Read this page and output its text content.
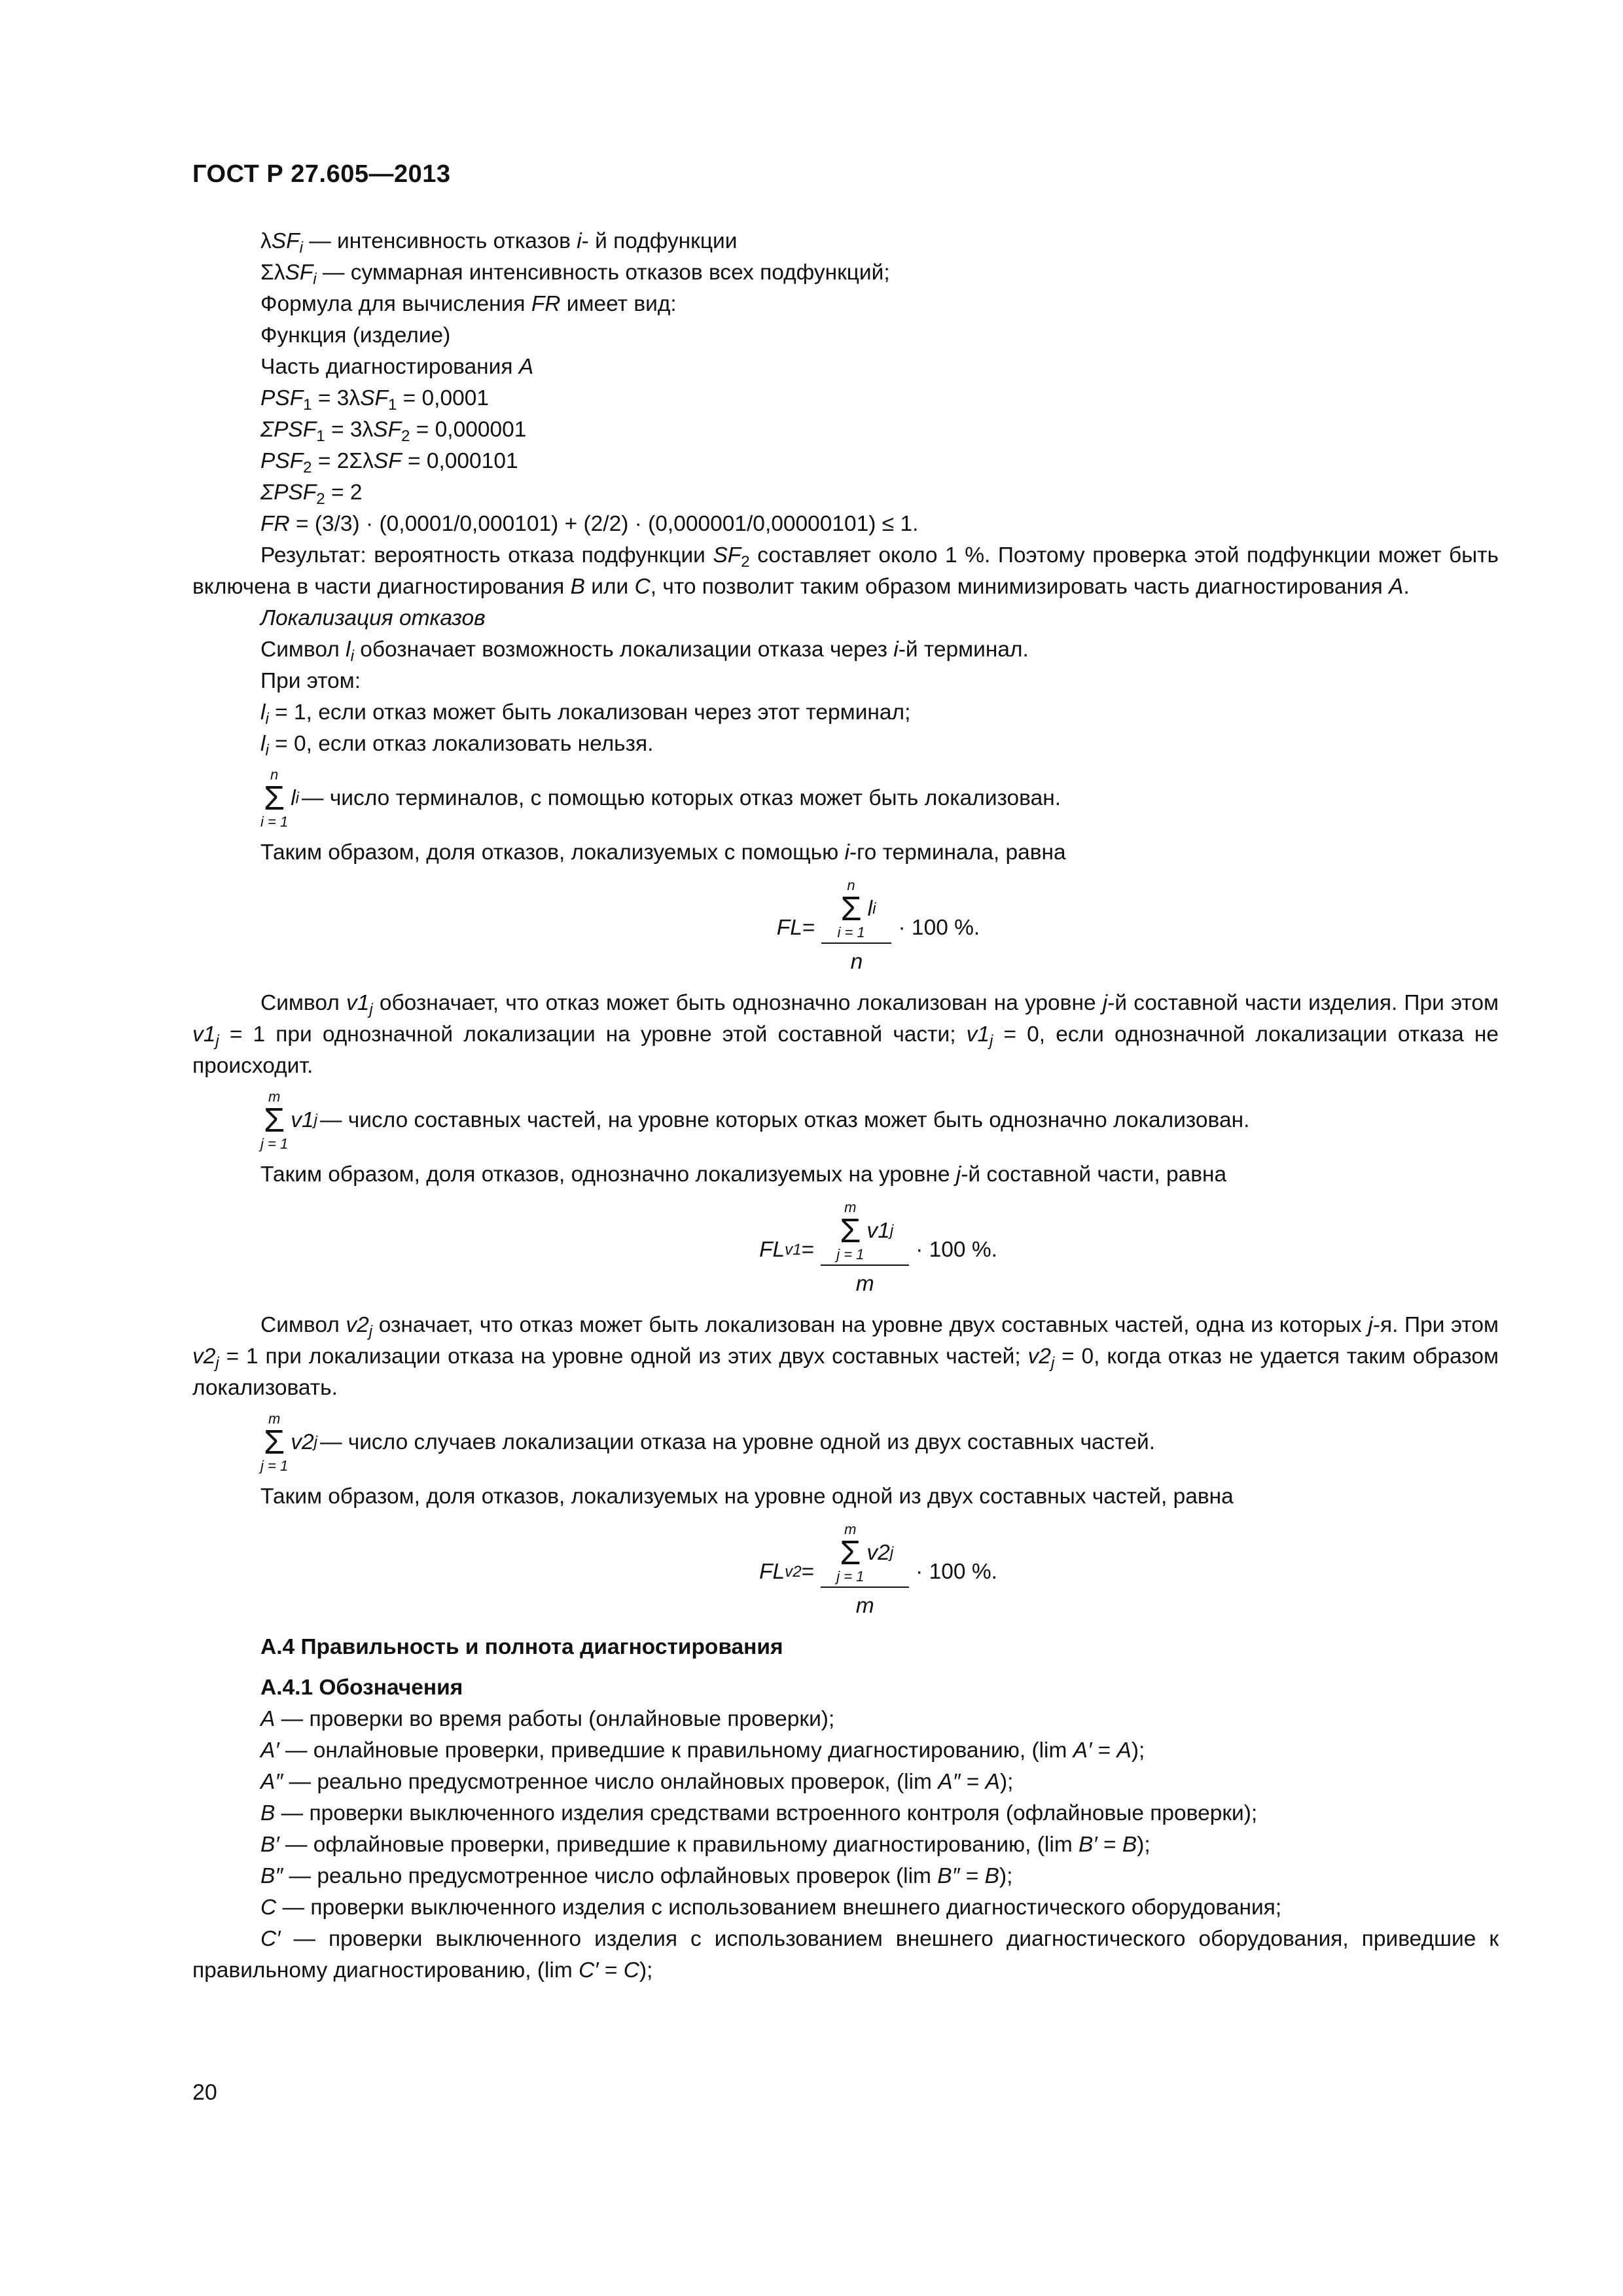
ГОСТ Р 27.605—2013
λSF$_i$ — интенсивность отказов i- й подфункции
ΣλSF$_i$ — суммарная интенсивность отказов всех подфункций;
Формула для вычисления FR имеет вид:
Функция (изделие)
Часть диагностирования A
$PSF_1 = 3\lambda SF_1 = 0,0001$
$\Sigma PSF_1 = 3\lambda SF_2 = 0,000001$
$PSF_2 = 2\Sigma\lambda SF = 0,000101$
$\Sigma PSF_2 = 2$
FR = (3/3) · (0,0001/0,000101) + (2/2) · (0,000001/0,00000101) ≤ 1.
Результат: вероятность отказа подфункции $SF_2$ составляет около 1 %. Поэтому проверка этой подфункции может быть включена в части диагностирования B или C, что позволит таким образом минимизировать часть диагностирования A.
Локализация отказов
Символ $l_i$ обозначает возможность локализации отказа через i-й терминал.
При этом:
$l_i = 1$, если отказ может быть локализован через этот терминал;
$l_i = 0$, если отказ локализовать нельзя.
n
Σ
i = 1
l i — число терминалов, с помощью которых отказ может быть локализован.
Таким образом, доля отказов, локализуемых с помощью i-го терминала, равна
FL = n
Σ
i = 1
l i
n · 100 %.
Символ $v1_j$ обозначает, что отказ может быть однозначно локализован на уровне j-й составной части изделия. При этом $v1_j = 1$ при однозначной локализации на уровне этой составной части; $v1_j = 0$, если однозначной локализации отказа не происходит.
m
Σ
j = 1
v1 j — число составных частей, на уровне которых отказ может быть однозначно локализован.
Таким образом, доля отказов, однозначно локализуемых на уровне j-й составной части, равна
FL v1 = m
Σ
j = 1
v1 j
m · 100 %.
Символ $v2_j$ означает, что отказ может быть локализован на уровне двух составных частей, одна из которых j-я. При этом $v2_j = 1$ при локализации отказа на уровне одной из этих двух составных частей; $v2_j = 0$, когда отказ не удается таким образом локализовать.
m
Σ
j = 1
v2 j — число случаев локализации отказа на уровне одной из двух составных частей.
Таким образом, доля отказов, локализуемых на уровне одной из двух составных частей, равна
FL v2 = m
Σ
j = 1
v2 j
m · 100 %.
А.4 Правильность и полнота диагностирования
А.4.1 Обозначения
A — проверки во время работы (онлайновые проверки);
A′ — онлайновые проверки, приведшие к правильному диагностированию, (lim A′ = A);
A″ — реально предусмотренное число онлайновых проверок, (lim A″ = A);
B — проверки выключенного изделия средствами встроенного контроля (офлайновые проверки);
B′ — офлайновые проверки, приведшие к правильному диагностированию, (lim B′ = B);
B″ — реально предусмотренное число офлайновых проверок (lim B″ = B);
C — проверки выключенного изделия с использованием внешнего диагностического оборудования;
C′ — проверки выключенного изделия с использованием внешнего диагностического оборудования, приведшие к правильному диагностированию, (lim C′ = C);
20
